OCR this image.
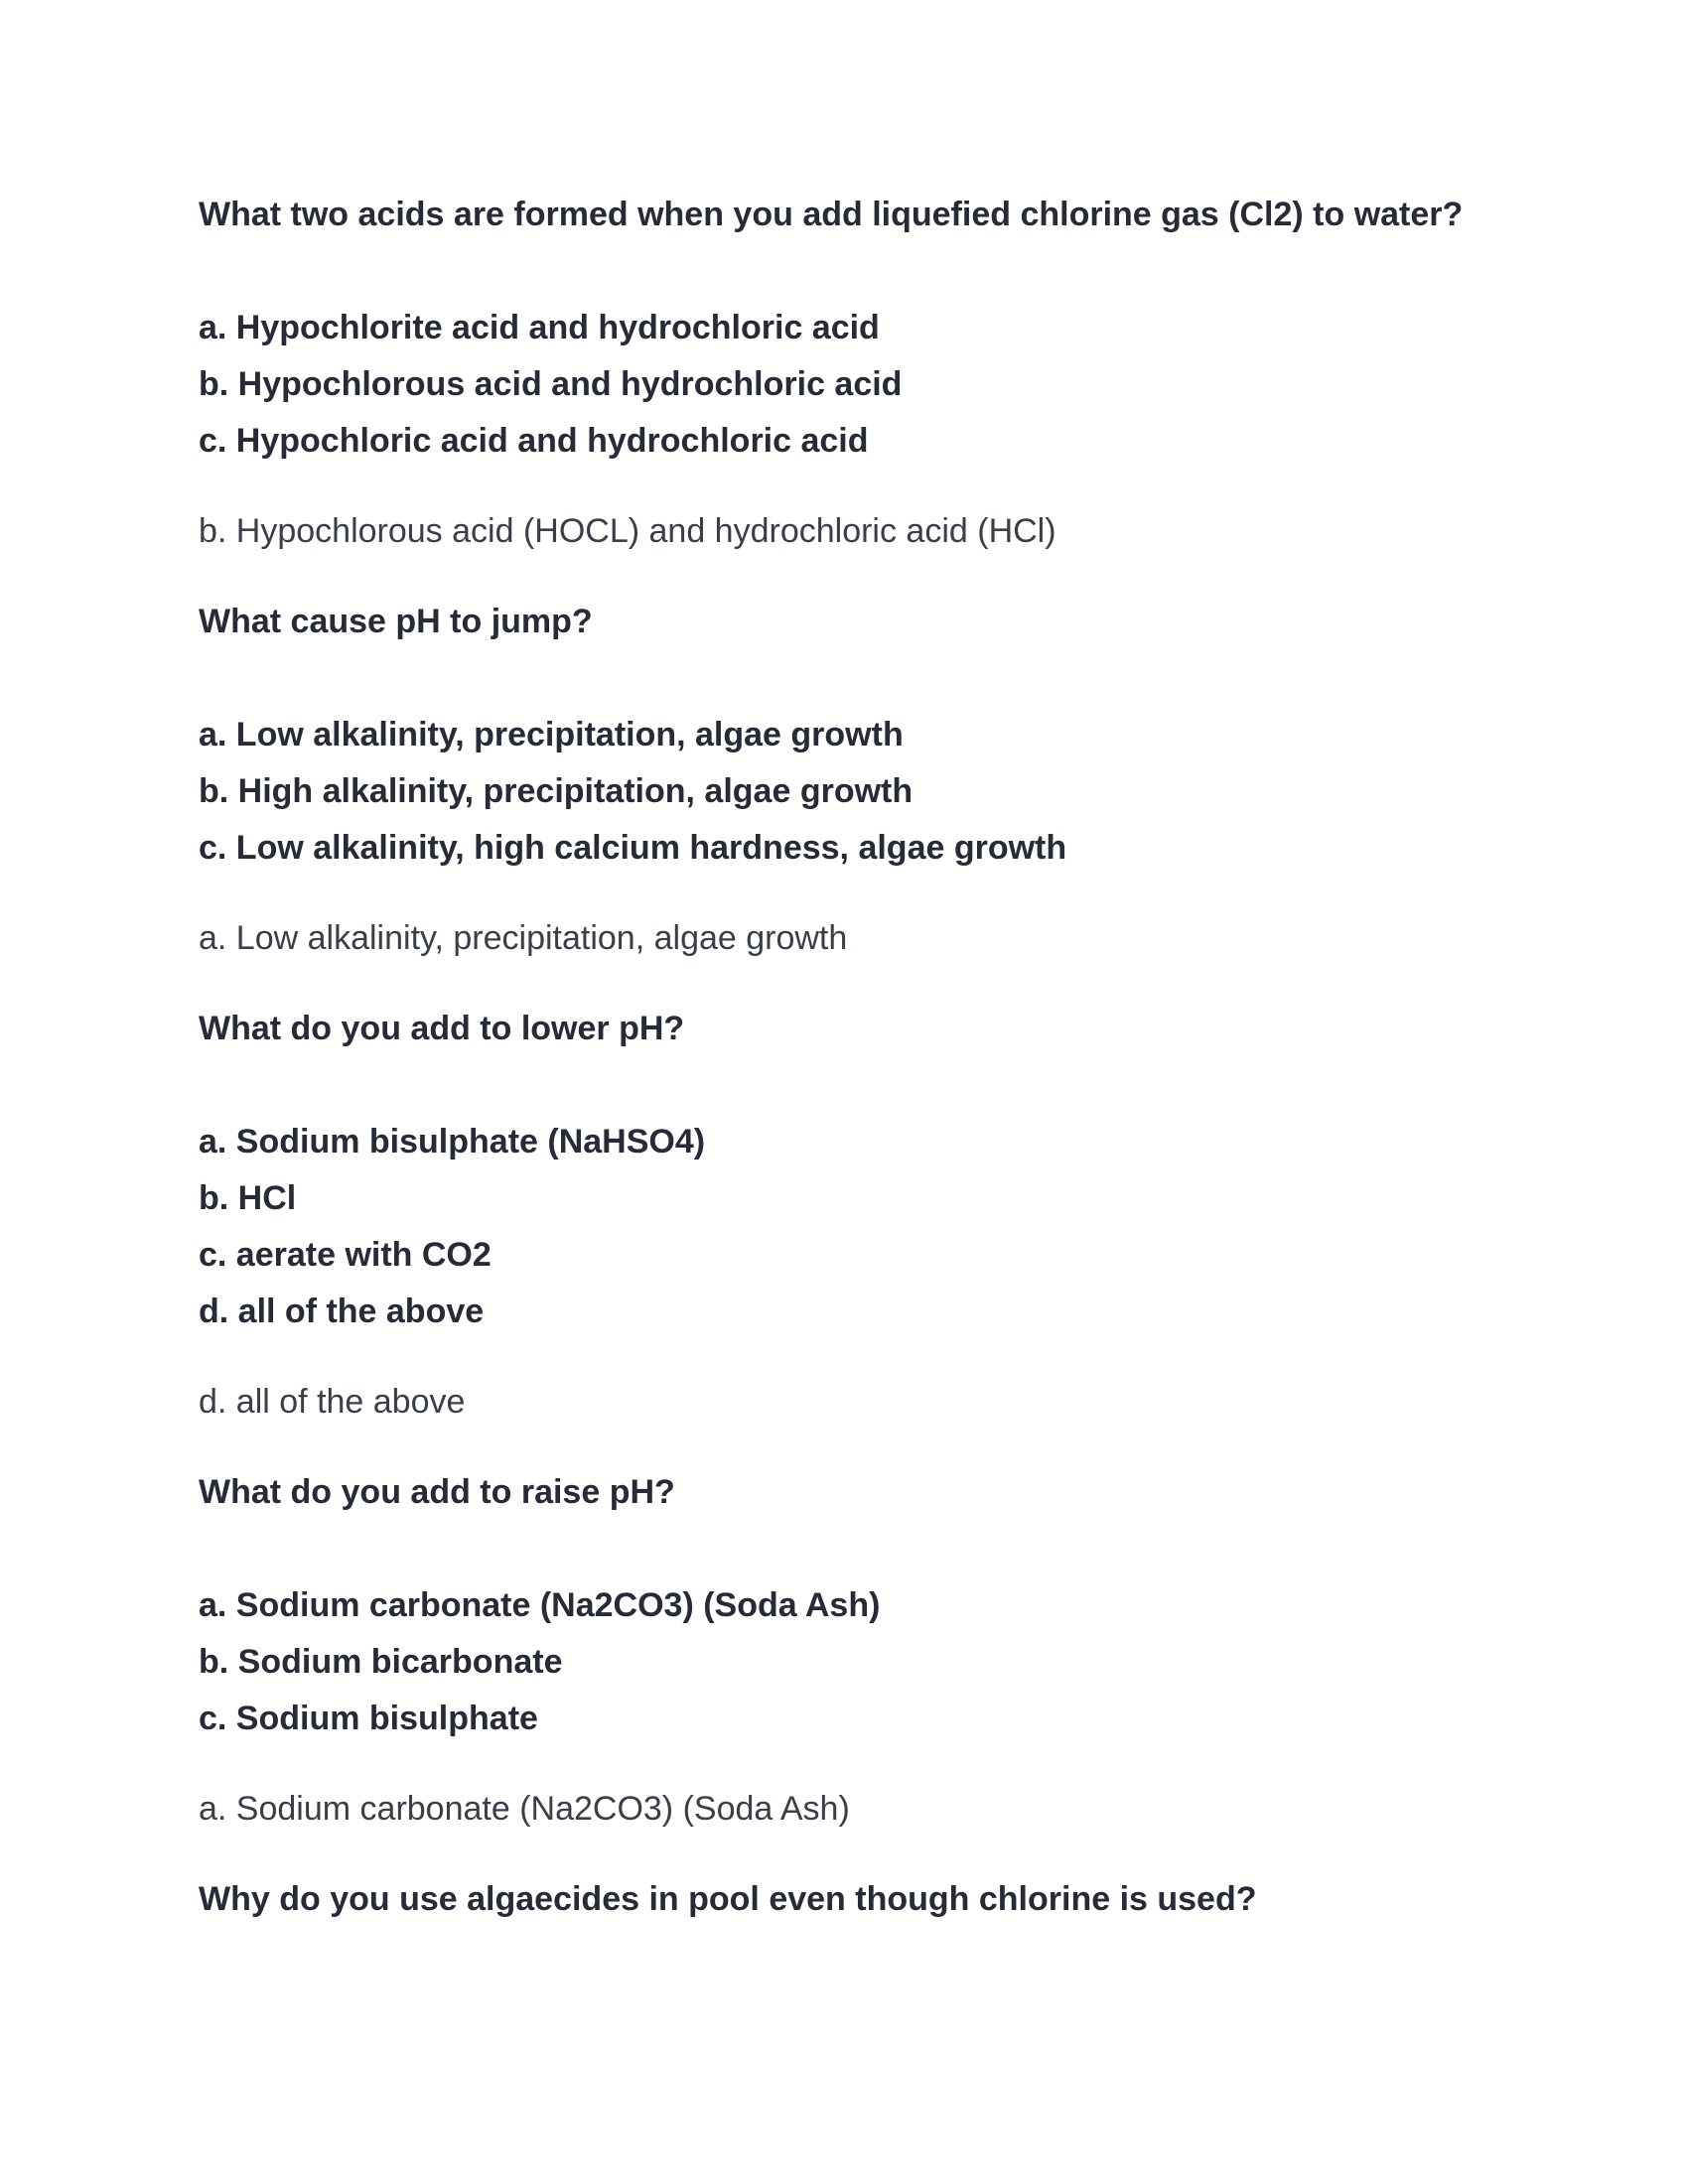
What two acids are formed when you add liquefied chlorine gas (Cl2) to water?

a. Hypochlorite acid and hydrochloric acid

b. Hypochlorous acid and hydrochloric acid

c. Hypochloric acid and hydrochloric acid

b. Hypochlorous acid (HOCL) and hydrochloric acid (HCl)

What cause pH to jump?

a. Low alkalinity, precipitation, algae growth

b. High alkalinity, precipitation, algae growth

c. Low alkalinity, high calcium hardness, algae growth

a. Low alkalinity, precipitation, algae growth

What do you add to lower pH?

a. Sodium bisulphate (NaHSO4)

b. HCl

c. aerate with CO2

d. all of the above

d. all of the above

What do you add to raise pH?

a. Sodium carbonate (Na2CO3) (Soda Ash)

b. Sodium bicarbonate

c. Sodium bisulphate

a. Sodium carbonate (Na2CO3) (Soda Ash)

Why do you use algaecides in pool even though chlorine is used?
